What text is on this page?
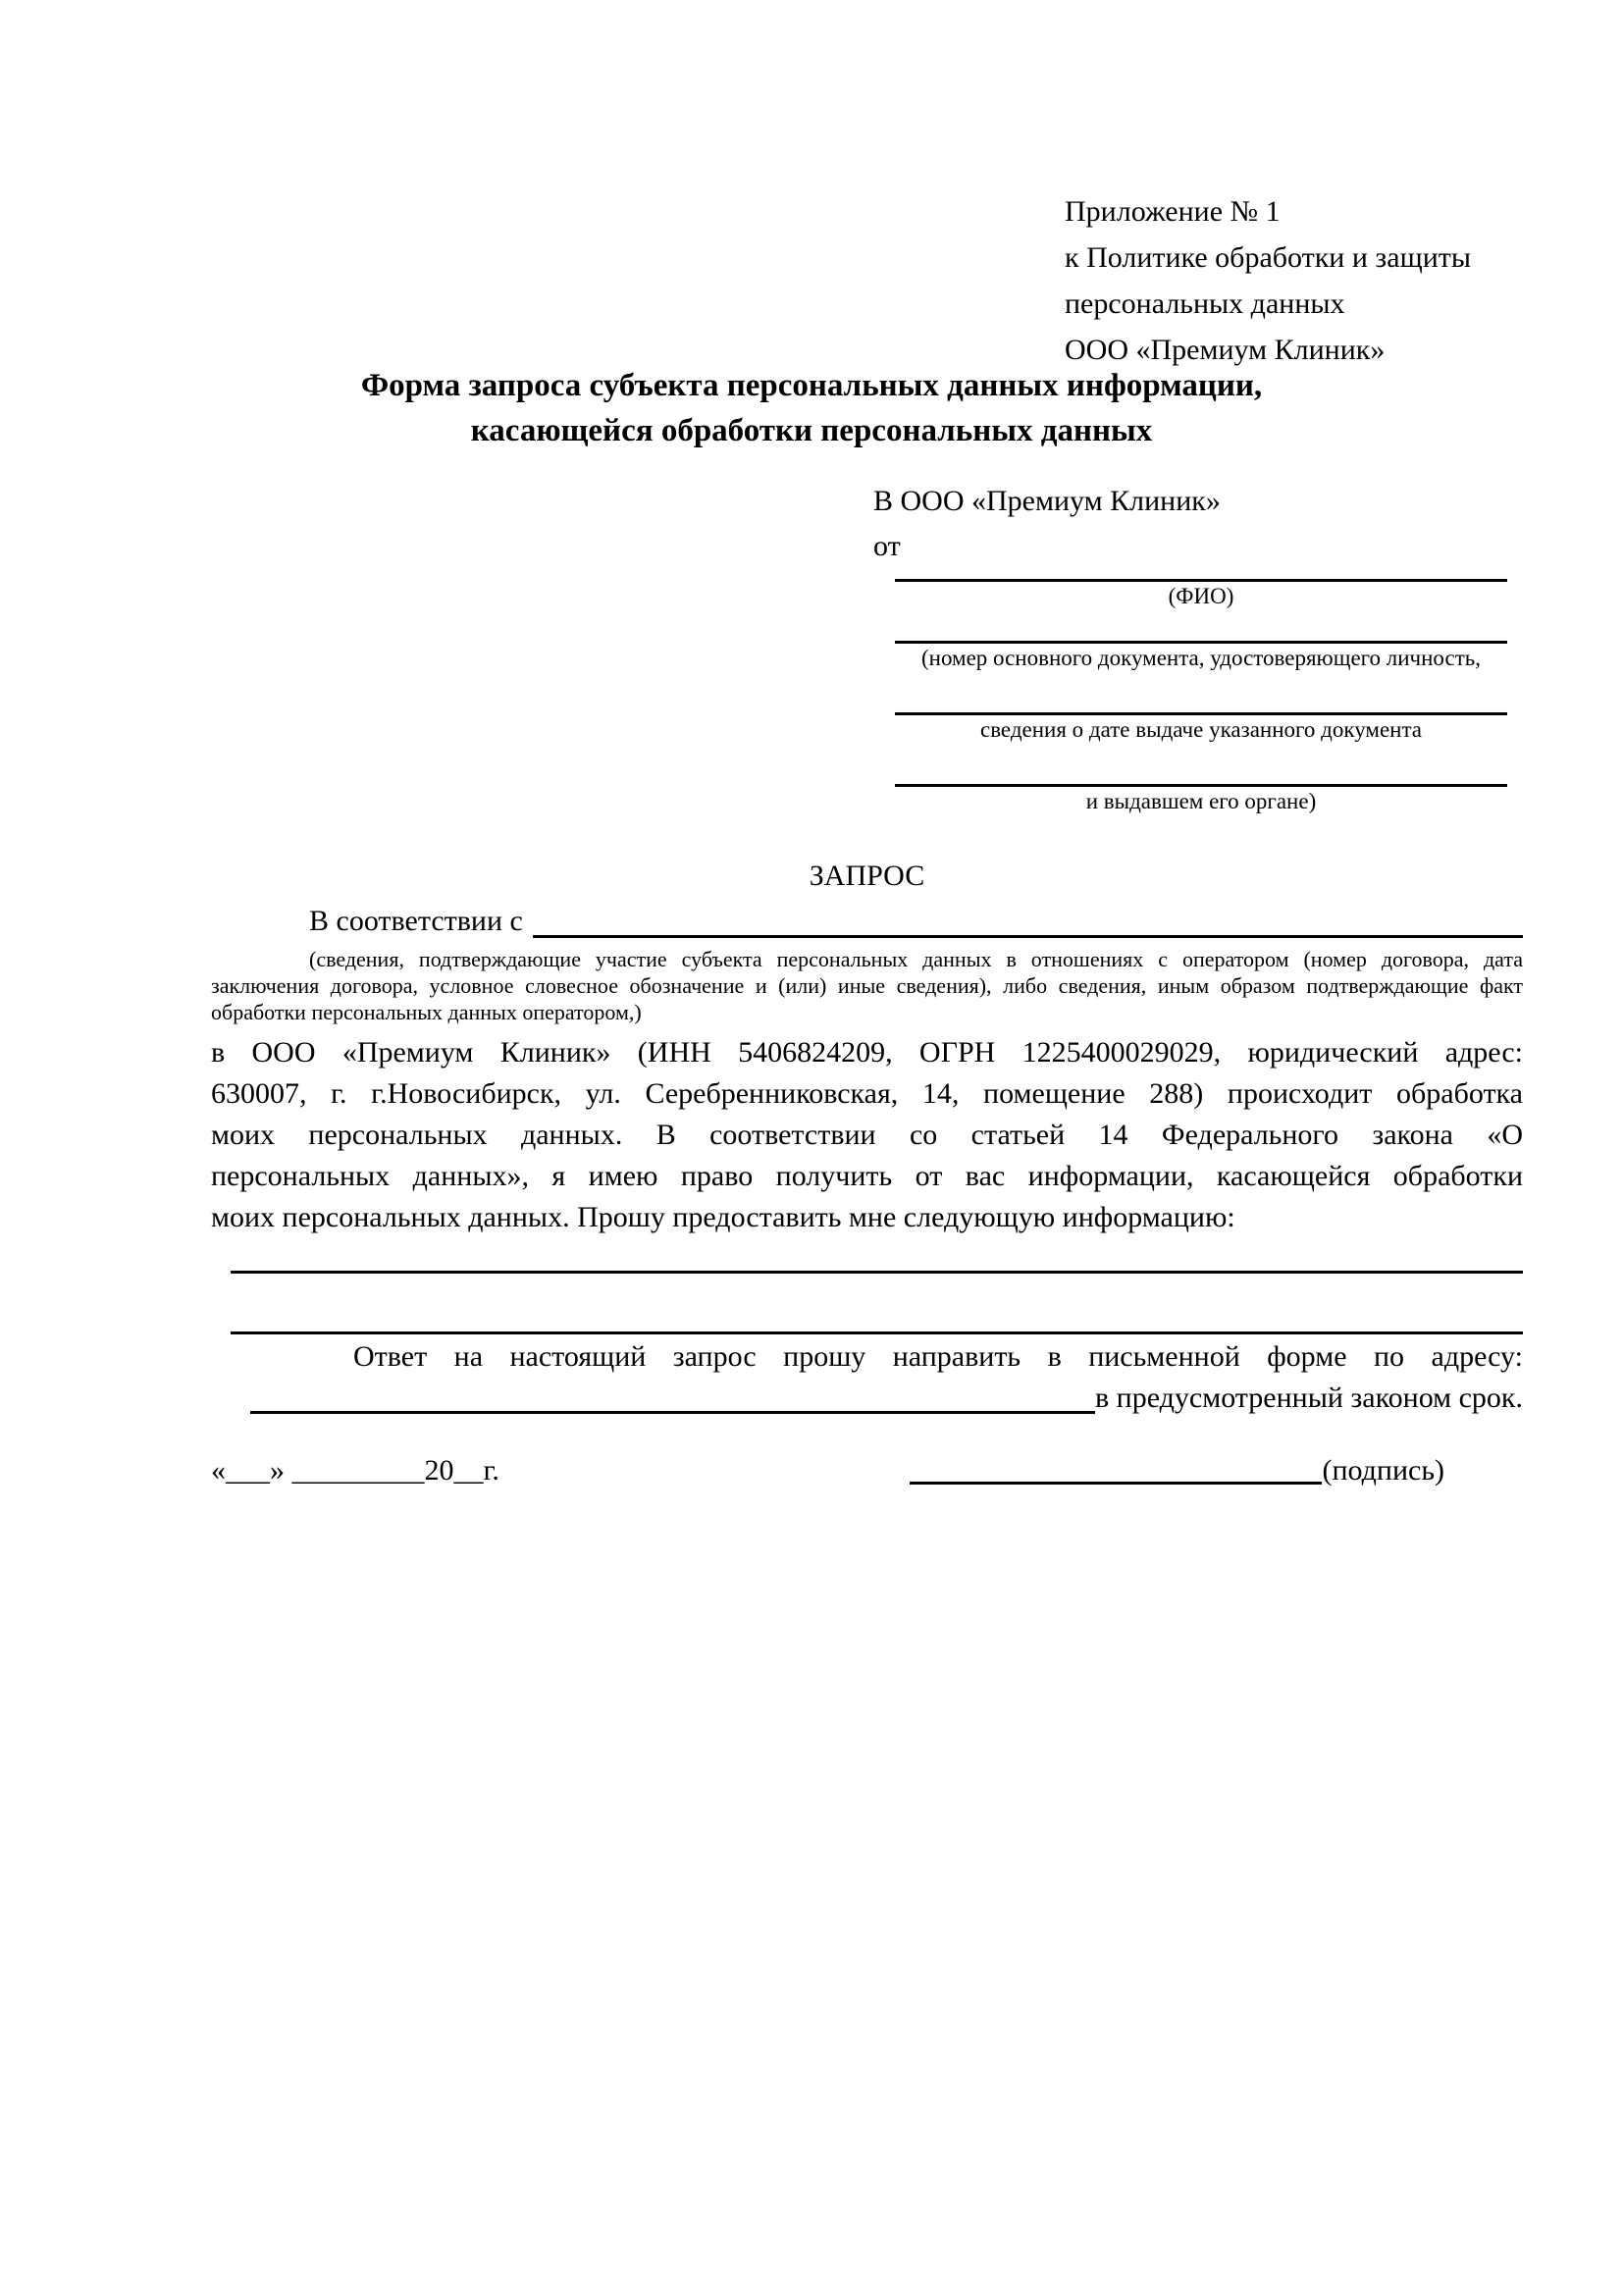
Приложение № 1
к Политике обработки и защиты
персональных данных
ООО «Премиум Клиник»
Форма запроса субъекта персональных данных информации,
касающейся обработки персональных данных
В ООО «Премиум Клиник»
от
(ФИО)
(номер основного документа, удостоверяющего личность,
сведения о дате выдаче указанного документа
и выдавшем его органе)
ЗАПРОС
В соответствии с
(сведения, подтверждающие участие субъекта персональных данных в отношениях с оператором (номер договора, дата
заключения договора, условное словесное обозначение и (или) иные сведения), либо сведения, иным образом подтверждающие факт
обработки персональных данных оператором,)
в ООО «Премиум Клиник» (ИНН 5406824209, ОГРН 1225400029029, юридический адрес:
630007, г. г.Новосибирск, ул. Серебренниковская, 14, помещение 288) происходит обработка
моих персональных данных. В соответствии со статьей 14 Федерального закона «О
персональных данных», я имею право получить от вас информации, касающейся обработки
моих персональных данных. Прошу предоставить мне следующую информацию:
Ответ на настоящий запрос прошу направить в письменной форме по адресу:
в предусмотренный законом срок.
«___» _________20__г.	(подпись)
